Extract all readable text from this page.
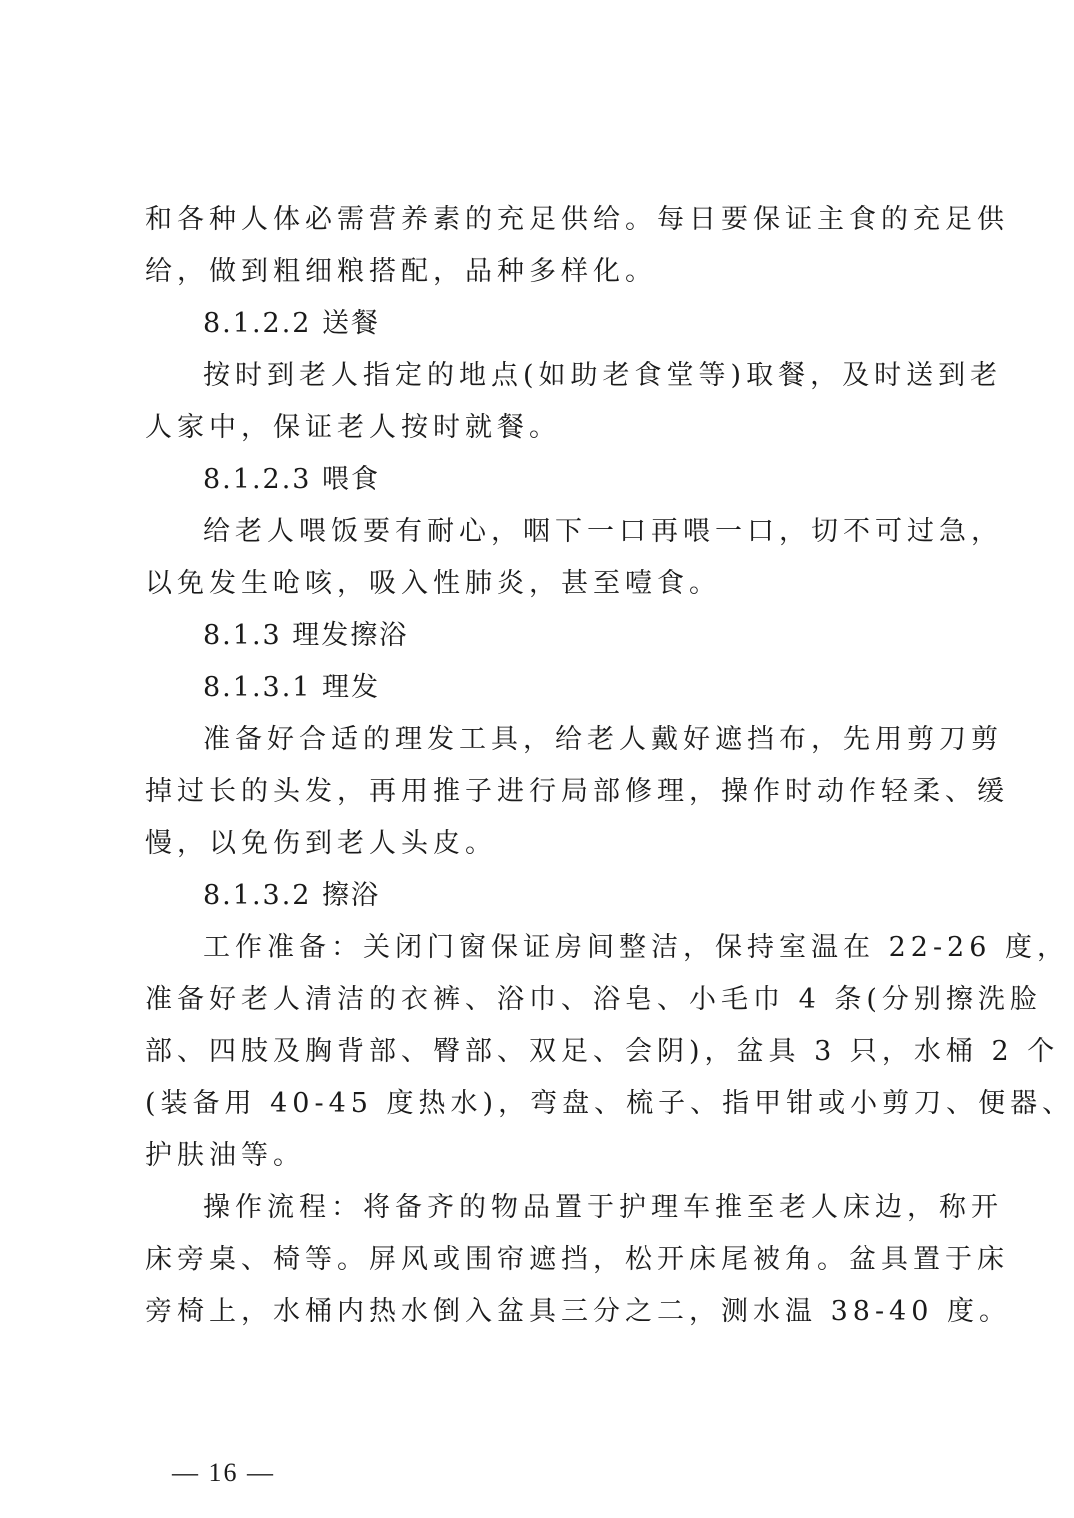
和各种人体必需营养素的充足供给。每日要保证主食的充足供
给，做到粗细粮搭配，品种多样化。
8.1.2.2 送餐
按时到老人指定的地点(如助老食堂等)取餐，及时送到老
人家中，保证老人按时就餐。
8.1.2.3 喂食
给老人喂饭要有耐心，咽下一口再喂一口，切不可过急，
以免发生呛咳，吸入性肺炎，甚至噎食。
8.1.3 理发擦浴
8.1.3.1 理发
准备好合适的理发工具，给老人戴好遮挡布，先用剪刀剪
掉过长的头发，再用推子进行局部修理，操作时动作轻柔、缓
慢，以免伤到老人头皮。
8.1.3.2 擦浴
工作准备：关闭门窗保证房间整洁，保持室温在 22-26 度，
准备好老人清洁的衣裤、浴巾、浴皂、小毛巾 4 条(分别擦洗脸
部、四肢及胸背部、臀部、双足、会阴)，盆具 3 只，水桶 2 个
(装备用 40-45 度热水)，弯盘、梳子、指甲钳或小剪刀、便器、
护肤油等。
操作流程：将备齐的物品置于护理车推至老人床边，称开
床旁桌、椅等。屏风或围帘遮挡，松开床尾被角。盆具置于床
旁椅上，水桶内热水倒入盆具三分之二，测水温 38-40 度。
— 16 —
